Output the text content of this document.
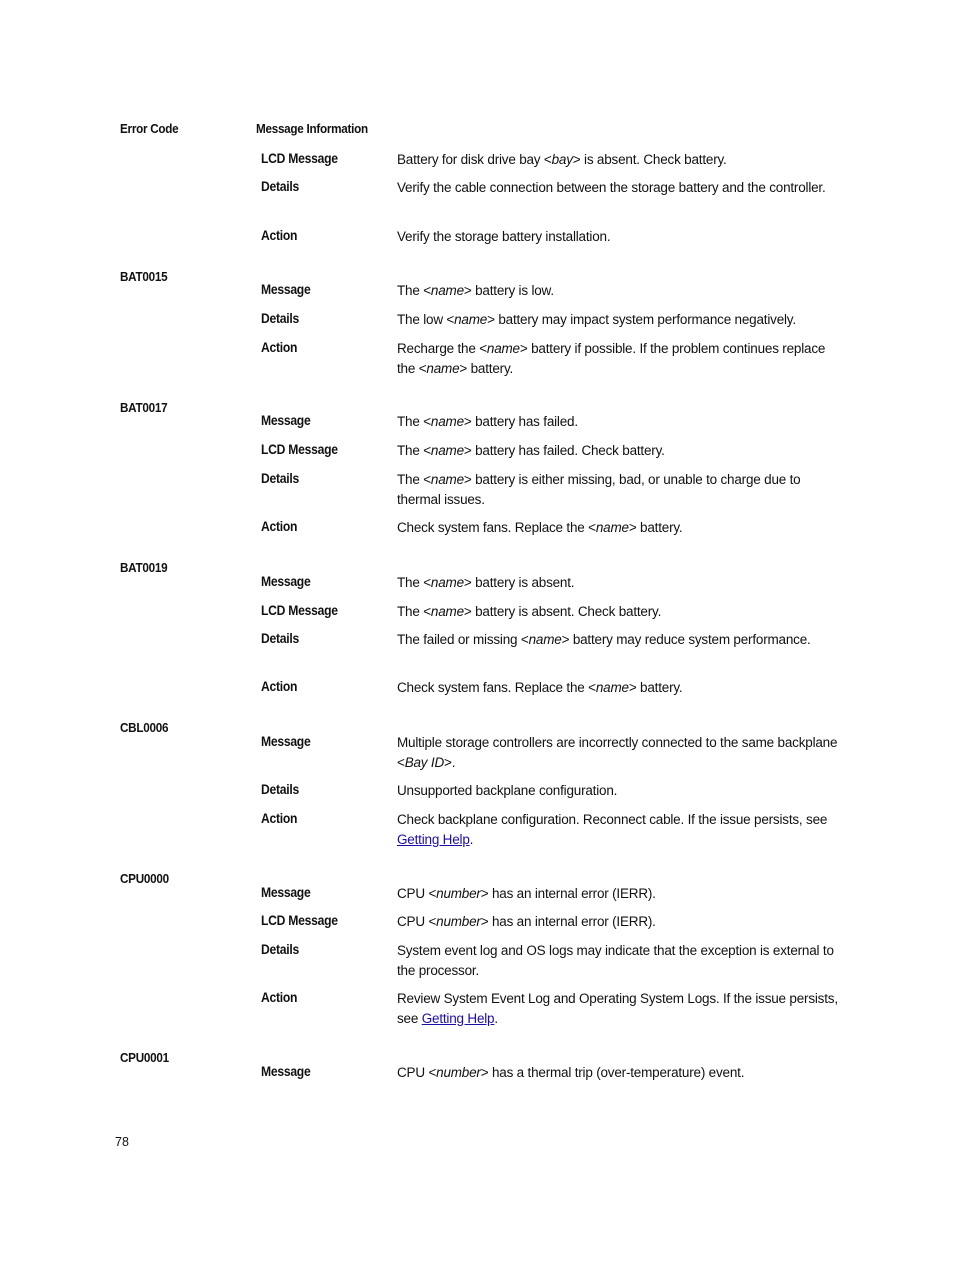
Error Code	Message Information
LCD Message	Battery for disk drive bay <bay> is absent. Check battery.
Details	Verify the cable connection between the storage battery and the controller.
Action	Verify the storage battery installation.
BAT0015
Message	The <name> battery is low.
Details	The low <name> battery may impact system performance negatively.
Action	Recharge the <name> battery if possible. If the problem continues replace the <name> battery.
BAT0017
Message	The <name> battery has failed.
LCD Message	The <name> battery has failed. Check battery.
Details	The <name> battery is either missing, bad, or unable to charge due to thermal issues.
Action	Check system fans. Replace the <name> battery.
BAT0019
Message	The <name> battery is absent.
LCD Message	The <name> battery is absent. Check battery.
Details	The failed or missing <name> battery may reduce system performance.
Action	Check system fans. Replace the <name> battery.
CBL0006
Message	Multiple storage controllers are incorrectly connected to the same backplane <Bay ID>.
Details	Unsupported backplane configuration.
Action	Check backplane configuration. Reconnect cable. If the issue persists, see Getting Help.
CPU0000
Message	CPU <number> has an internal error (IERR).
LCD Message	CPU <number> has an internal error (IERR).
Details	System event log and OS logs may indicate that the exception is external to the processor.
Action	Review System Event Log and Operating System Logs. If the issue persists, see Getting Help.
CPU0001
Message	CPU <number> has a thermal trip (over-temperature) event.
78
